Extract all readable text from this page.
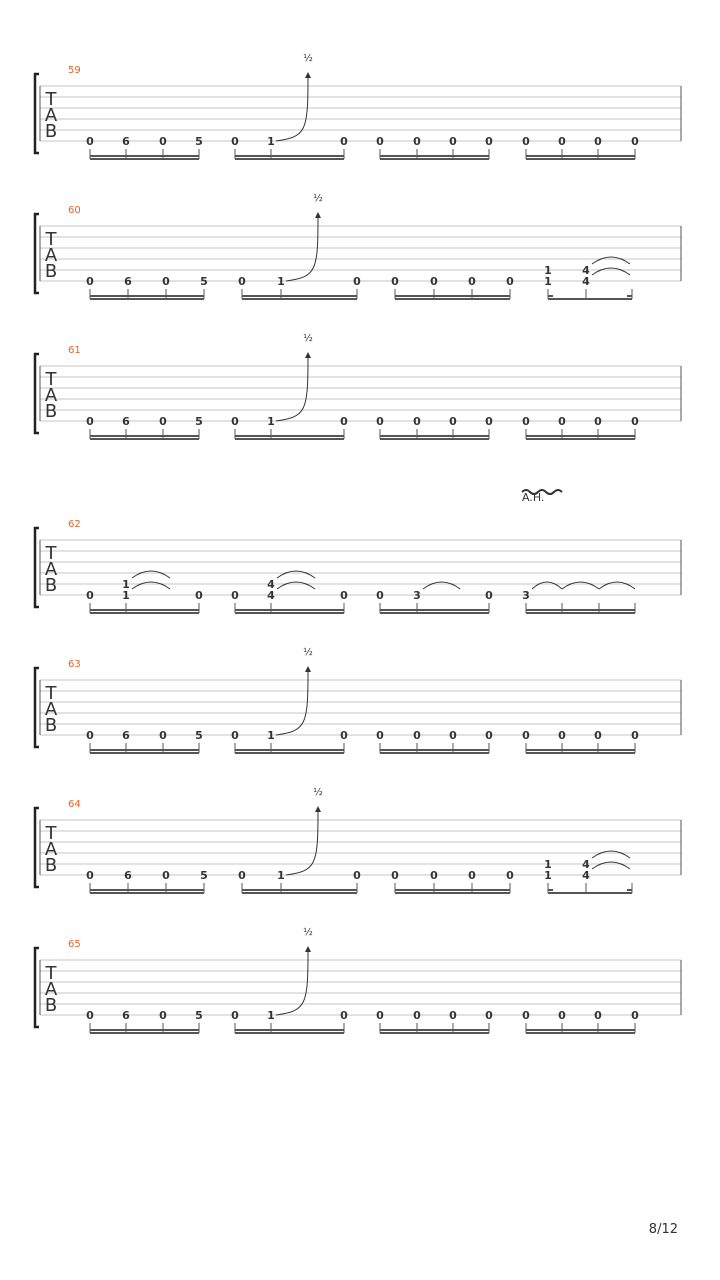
59
T
A
B	0	6	0	5	0	1
½
0	0	0	0	0	0	0	0	0
60
T
A
B	0	6	0	5	0	1
½
0	0	0	0	0
1
1
4
4
61
T
A
B	0	6	0	5	0	1
½
0	0	0	0	0	0	0	0	0
62
T
A
B	0
1
1	0	0
4
4	0	0	3	0	3
A.H.
63
T
A
B	0	6	0	5	0	1
½
0	0	0	0	0	0	0	0	0
64
T
A
B	0	6	0	5	0	1
½
0	0	0	0	0
1
1
4
4
65
T
A
B	0	6	0	5	0	1
½
0	0	0	0	0	0	0	0	0
8/12
